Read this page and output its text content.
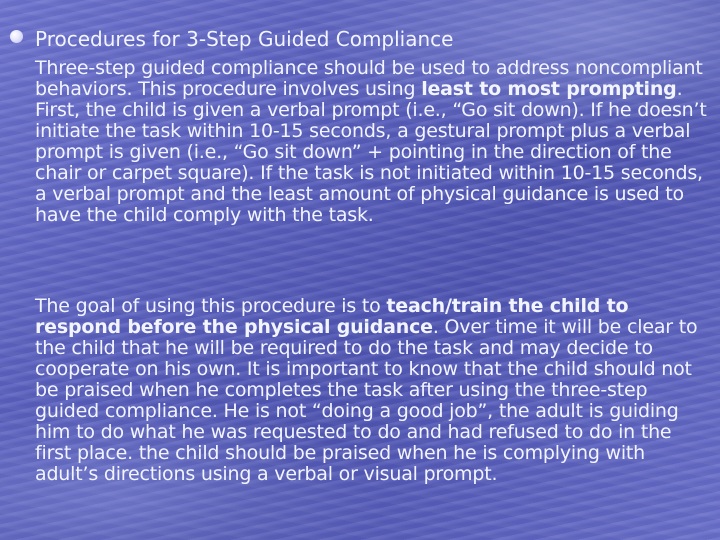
Procedures for 3-Step Guided Compliance

Three-step guided compliance should be used to address noncompliant behaviors. This procedure involves using least to most prompting. First, the child is given a verbal prompt (i.e., “Go sit down). If he doesn’t initiate the task within 10-15 seconds, a gestural prompt plus a verbal prompt is given (i.e., “Go sit down” + pointing in the direction of the chair or carpet square). If the task is not initiated within 10-15 seconds, a verbal prompt and the least amount of physical guidance is used to have the child comply with the task.

The goal of using this procedure is to teach/train the child to respond before the physical guidance. Over time it will be clear to the child that he will be required to do the task and may decide to cooperate on his own. It is important to know that the child should not be praised when he completes the task after using the three-step guided compliance. He is not “doing a good job”, the adult is guiding him to do what he was requested to do and had refused to do in the first place. the child should be praised when he is complying with adult’s directions using a verbal or visual prompt.
